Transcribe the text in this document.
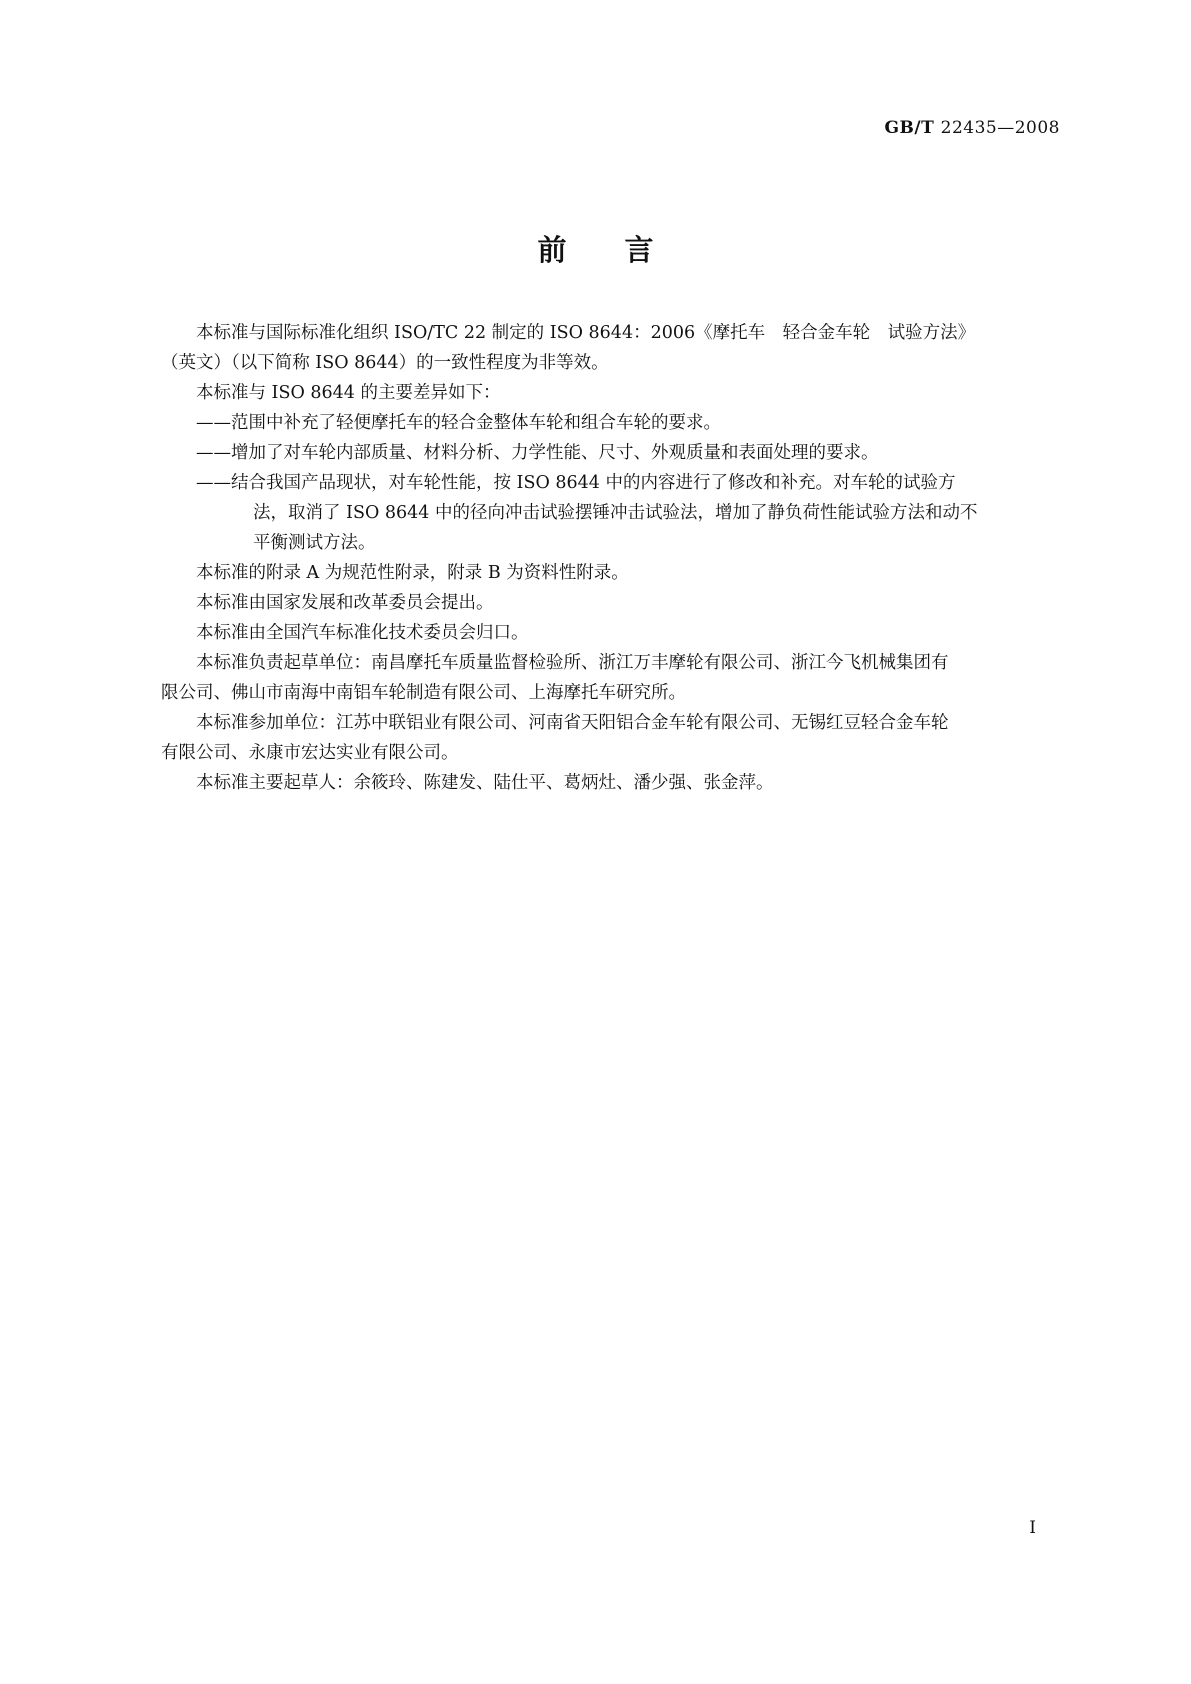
GB/T 22435—2008
前 言
本标准与国际标准化组织 ISO/TC 22 制定的 ISO 8644：2006《摩托车　轻合金车轮　试验方法》
（英文）（以下简称 ISO 8644）的一致性程度为非等效。
本标准与 ISO 8644 的主要差异如下：
——范围中补充了轻便摩托车的轻合金整体车轮和组合车轮的要求。
——增加了对车轮内部质量、材料分析、力学性能、尺寸、外观质量和表面处理的要求。
——结合我国产品现状，对车轮性能，按 ISO 8644 中的内容进行了修改和补充。对车轮的试验方
法，取消了 ISO 8644 中的径向冲击试验摆锤冲击试验法，增加了静负荷性能试验方法和动不
平衡测试方法。
本标准的附录 A 为规范性附录，附录 B 为资料性附录。
本标准由国家发展和改革委员会提出。
本标准由全国汽车标准化技术委员会归口。
本标准负责起草单位：南昌摩托车质量监督检验所、浙江万丰摩轮有限公司、浙江今飞机械集团有
限公司、佛山市南海中南铝车轮制造有限公司、上海摩托车研究所。
本标准参加单位：江苏中联铝业有限公司、河南省天阳铝合金车轮有限公司、无锡红豆轻合金车轮
有限公司、永康市宏达实业有限公司。
本标准主要起草人：余筱玲、陈建发、陆仕平、葛炳灶、潘少强、张金萍。
I
